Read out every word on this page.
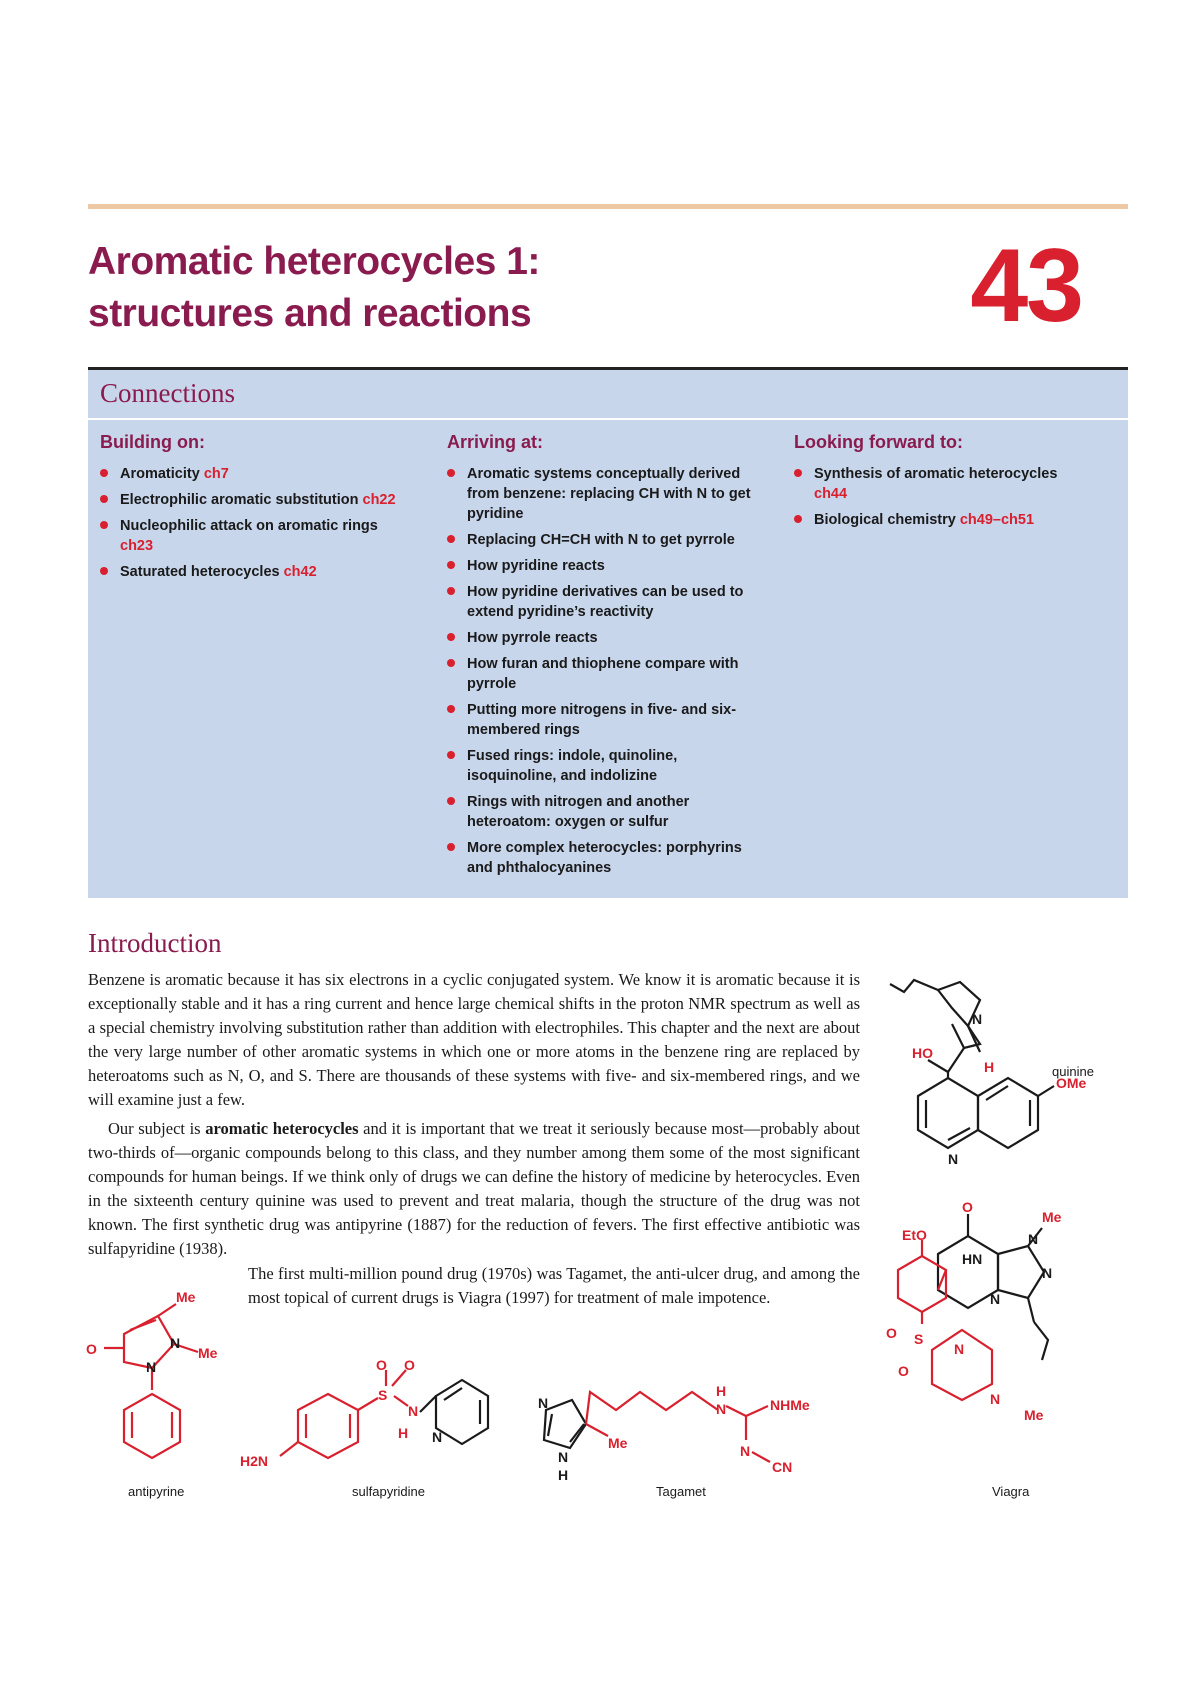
Aromatic heterocycles 1:
structures and reactions	43
Connections
Building on:
Aromaticity ch7
Electrophilic aromatic substitution ch22
Nucleophilic attack on aromatic rings ch23
Saturated heterocycles ch42
Arriving at:
Aromatic systems conceptually derived from benzene: replacing CH with N to get pyridine
Replacing CH=CH with N to get pyrrole
How pyridine reacts
How pyridine derivatives can be used to extend pyridine’s reactivity
How pyrrole reacts
How furan and thiophene compare with pyrrole
Putting more nitrogens in five- and six-membered rings
Fused rings: indole, quinoline, isoquinoline, and indolizine
Rings with nitrogen and another heteroatom: oxygen or sulfur
More complex heterocycles: porphyrins and phthalocyanines
Looking forward to:
Synthesis of aromatic heterocycles ch44
Biological chemistry ch49–ch51
Introduction

Benzene is aromatic because it has six electrons in a cyclic conjugated system. We know it is aromatic because it is exceptionally stable and it has a ring current and hence large chemical shifts in the proton NMR spectrum as well as a special chemistry involving substitution rather than addition with electrophiles. This chapter and the next are about the very large number of other aromatic systems in which one or more atoms in the benzene ring are replaced by heteroatoms such as N, O, and S. There are thousands of these systems with five- and six-membered rings, and we will examine just a few.

Our subject is aromatic heterocycles and it is important that we treat it seriously because most—probably about two-thirds of—organic compounds belong to this class, and they number among them some of the most significant compounds for human beings. If we think only of drugs we can define the history of medicine by heterocycles. Even in the sixteenth century quinine was used to prevent and treat malaria, though the structure of the drug was not known. The first synthetic drug was antipyrine (1887) for the reduction of fevers. The first effective antibiotic was sulfapyridine (1938).

The first multi-million pound drug (1970s) was Tagamet, the anti-ulcer drug, and among the most topical of current drugs is Viagra (1997) for treatment of male impotence.

HO
H
N
N
OMe
quinine
O
Me
EtO
HN
N
N
N
O S
O
N
N
Me
Viagra
Me
Me
O	N
N
antipyrine
H2N
S
O O
N
H N
sulfapyridine
N
N
H
Me
N
H
NHMe
N
CN
Tagamet
